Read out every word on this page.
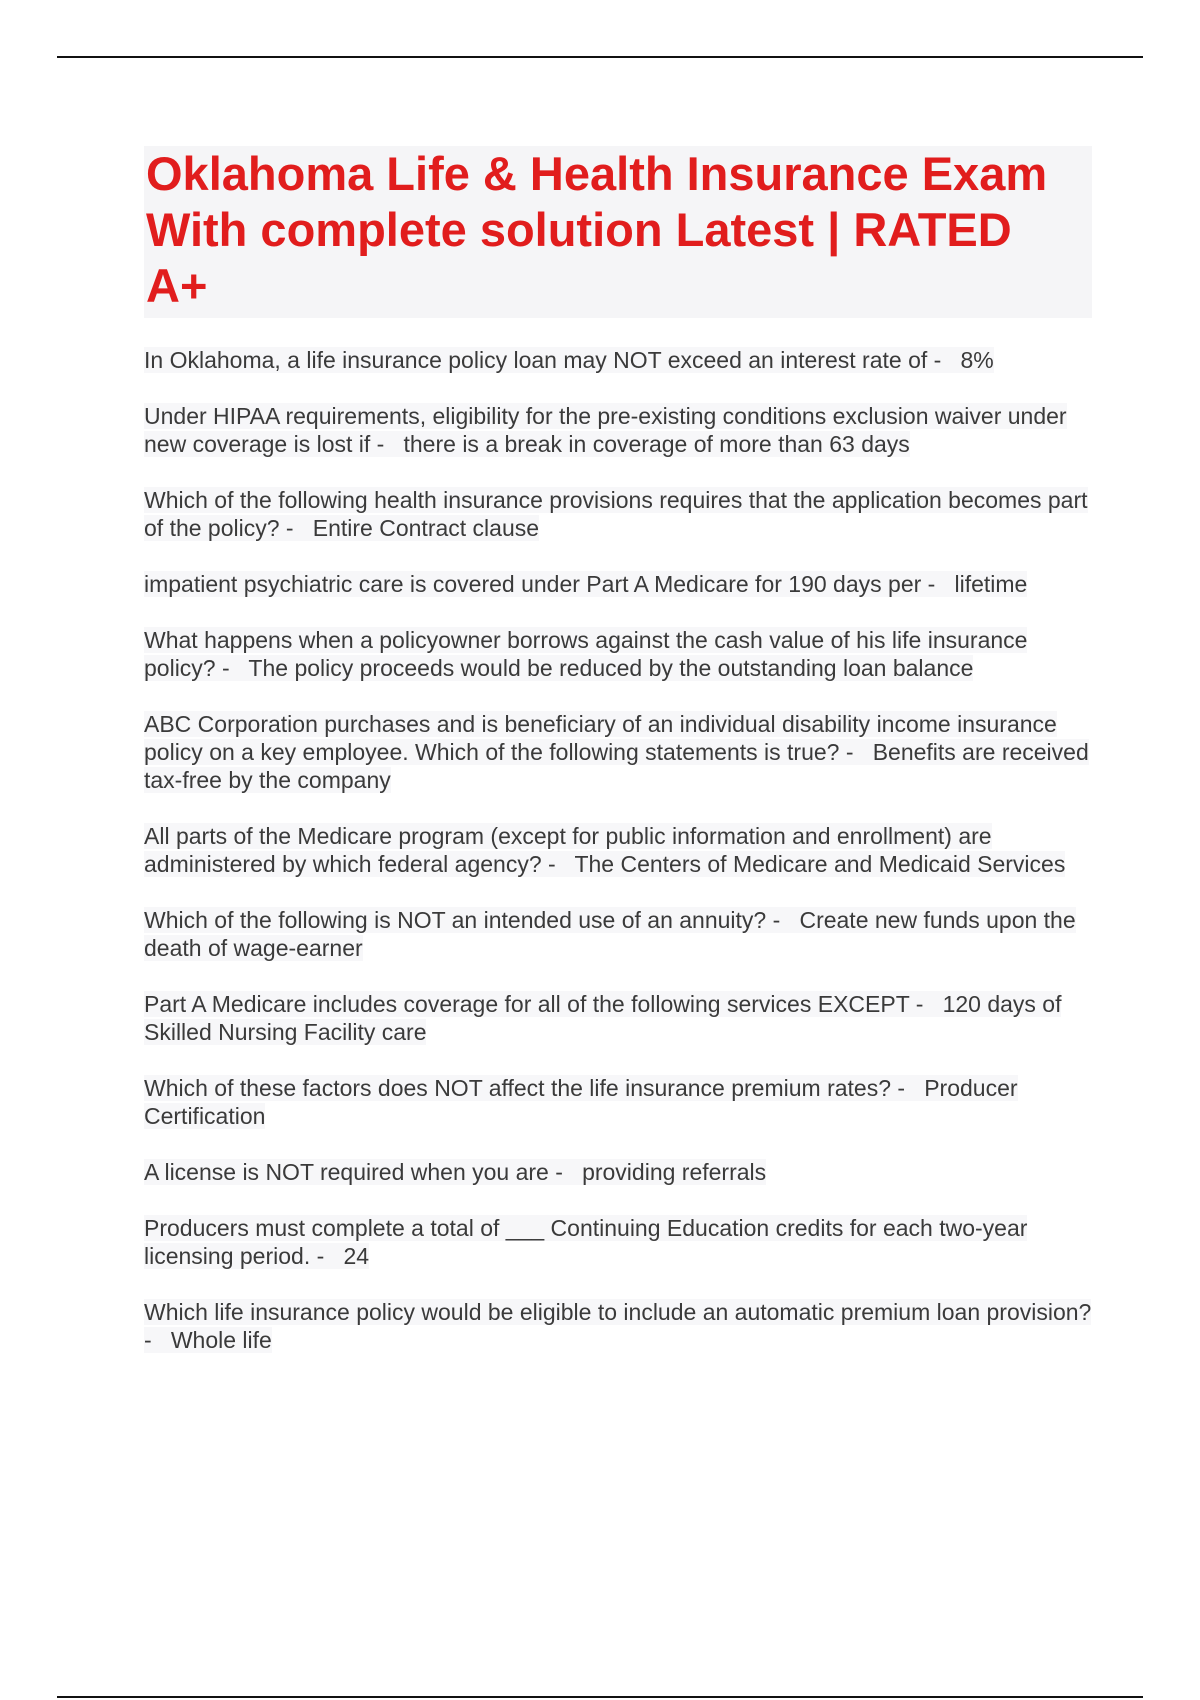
Oklahoma Life & Health Insurance Exam With complete solution Latest | RATED A+
In Oklahoma, a life insurance policy loan may NOT exceed an interest rate of - 8%
Under HIPAA requirements, eligibility for the pre-existing conditions exclusion waiver under new coverage is lost if - there is a break in coverage of more than 63 days
Which of the following health insurance provisions requires that the application becomes part of the policy? - Entire Contract clause
impatient psychiatric care is covered under Part A Medicare for 190 days per - lifetime
What happens when a policyowner borrows against the cash value of his life insurance policy? - The policy proceeds would be reduced by the outstanding loan balance
ABC Corporation purchases and is beneficiary of an individual disability income insurance policy on a key employee. Which of the following statements is true? - Benefits are received tax-free by the company
All parts of the Medicare program (except for public information and enrollment) are administered by which federal agency? - The Centers of Medicare and Medicaid Services
Which of the following is NOT an intended use of an annuity? - Create new funds upon the death of wage-earner
Part A Medicare includes coverage for all of the following services EXCEPT - 120 days of Skilled Nursing Facility care
Which of these factors does NOT affect the life insurance premium rates? - Producer Certification
A license is NOT required when you are - providing referrals
Producers must complete a total of ___ Continuing Education credits for each two-year licensing period. - 24
Which life insurance policy would be eligible to include an automatic premium loan provision? - Whole life
